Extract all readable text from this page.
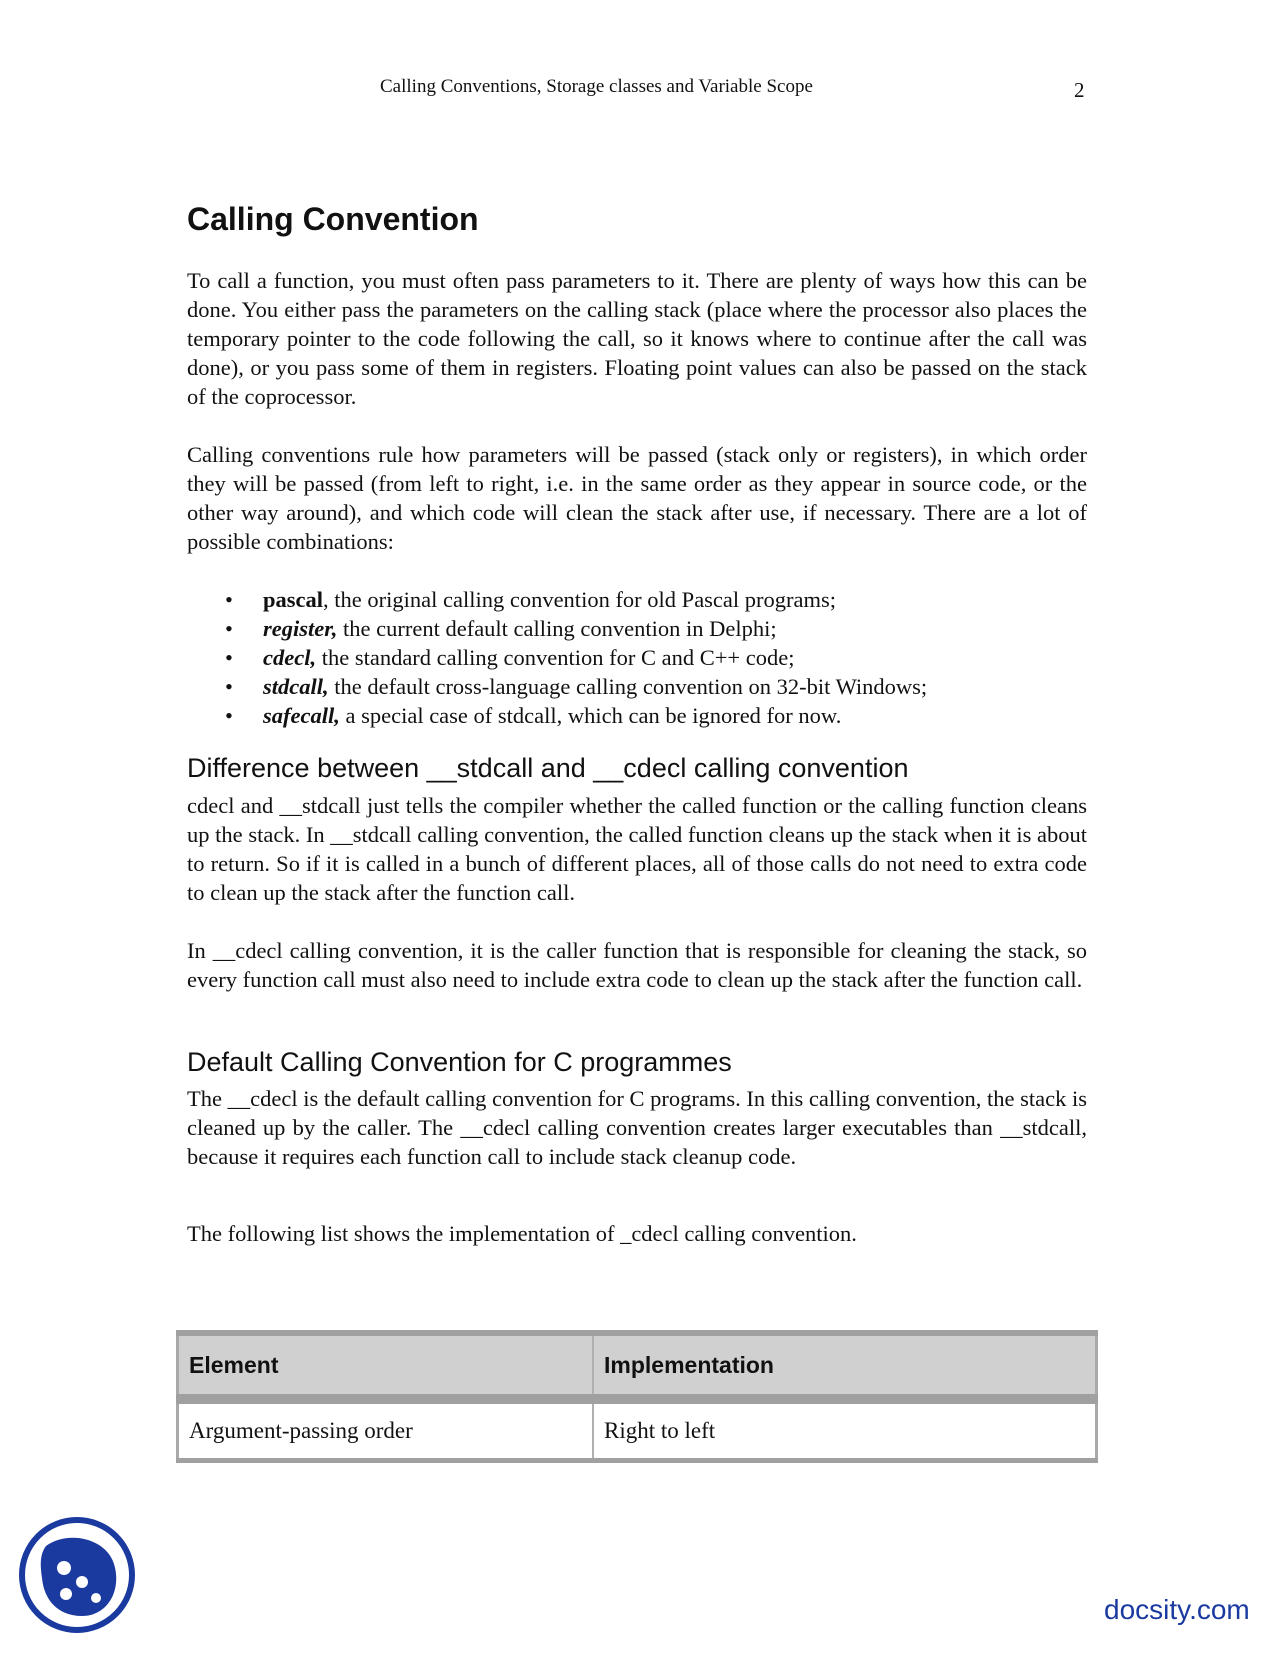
Calling Conventions, Storage classes and Variable Scope	2
Calling Convention

To call a function, you must often pass parameters to it. There are plenty of ways how this can be done. You either pass the parameters on the calling stack (place where the processor also places the temporary pointer to the code following the call, so it knows where to continue after the call was done), or you pass some of them in registers. Floating point values can also be passed on the stack of the coprocessor.

Calling conventions rule how parameters will be passed (stack only or registers), in which order they will be passed (from left to right, i.e. in the same order as they appear in source code, or the other way around), and which code will clean the stack after use, if necessary. There are a lot of possible combinations:

• pascal, the original calling convention for old Pascal programs;
• register, the current default calling convention in Delphi;
• cdecl, the standard calling convention for C and C++ code;
• stdcall, the default cross-language calling convention on 32-bit Windows;
• safecall, a special case of stdcall, which can be ignored for now.
Difference between __stdcall and __cdecl calling convention

cdecl and __stdcall just tells the compiler whether the called function or the calling function cleans up the stack. In __stdcall calling convention, the called function cleans up the stack when it is about to return. So if it is called in a bunch of different places, all of those calls do not need to extra code to clean up the stack after the function call.

In __cdecl calling convention, it is the caller function that is responsible for cleaning the stack, so every function call must also need to include extra code to clean up the stack after the function call.

Default Calling Convention for C programmes

The __cdecl is the default calling convention for C programs. In this calling convention, the stack is cleaned up by the caller. The __cdecl calling convention creates larger executables than __stdcall, because it requires each function call to include stack cleanup code.

The following list shows the implementation of _cdecl calling convention.

Element	Implementation
Argument-passing order	Right to left
docsity.com
